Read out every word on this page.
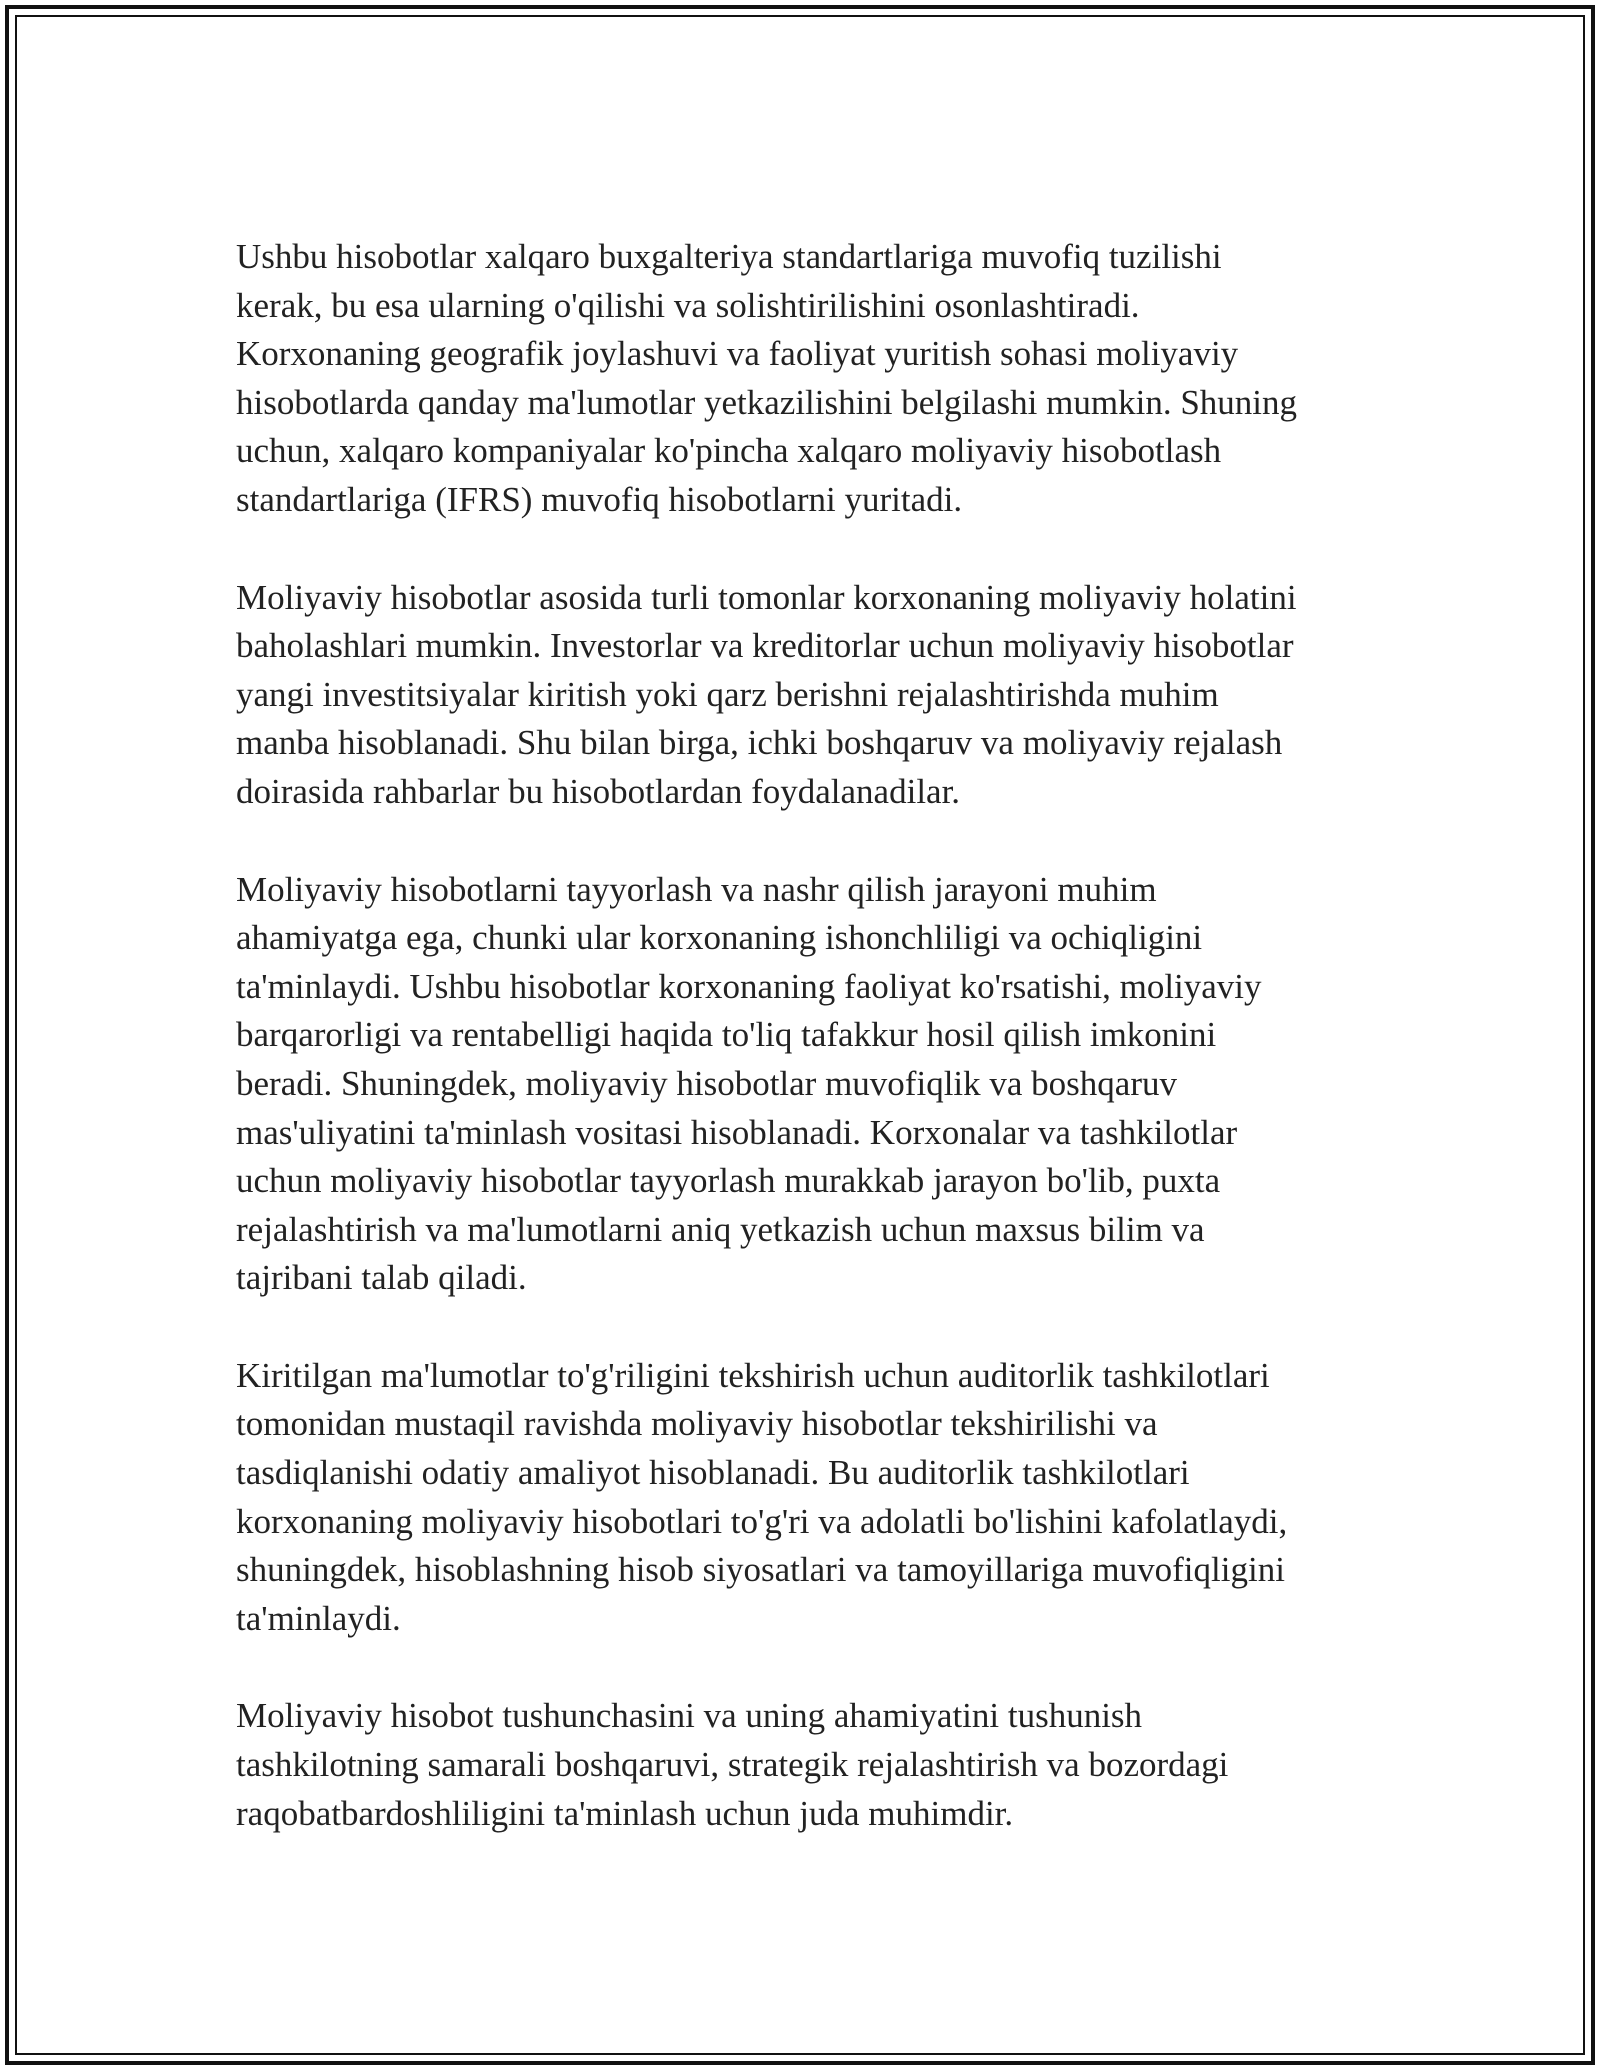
Ushbu hisobotlar xalqaro buxgalteriya standartlariga muvofiq tuzilishi
kerak, bu esa ularning o'qilishi va solishtirilishini osonlashtiradi.
Korxonaning geografik joylashuvi va faoliyat yuritish sohasi moliyaviy
hisobotlarda qanday ma'lumotlar yetkazilishini belgilashi mumkin. Shuning
uchun, xalqaro kompaniyalar ko'pincha xalqaro moliyaviy hisobotlash
standartlariga (IFRS) muvofiq hisobotlarni yuritadi.

Moliyaviy hisobotlar asosida turli tomonlar korxonaning moliyaviy holatini
baholashlari mumkin. Investorlar va kreditorlar uchun moliyaviy hisobotlar
yangi investitsiyalar kiritish yoki qarz berishni rejalashtirishda muhim
manba hisoblanadi. Shu bilan birga, ichki boshqaruv va moliyaviy rejalash
doirasida rahbarlar bu hisobotlardan foydalanadilar.

Moliyaviy hisobotlarni tayyorlash va nashr qilish jarayoni muhim
ahamiyatga ega, chunki ular korxonaning ishonchliligi va ochiqligini
ta'minlaydi. Ushbu hisobotlar korxonaning faoliyat ko'rsatishi, moliyaviy
barqarorligi va rentabelligi haqida to'liq tafakkur hosil qilish imkonini
beradi. Shuningdek, moliyaviy hisobotlar muvofiqlik va boshqaruv
mas'uliyatini ta'minlash vositasi hisoblanadi. Korxonalar va tashkilotlar
uchun moliyaviy hisobotlar tayyorlash murakkab jarayon bo'lib, puxta
rejalashtirish va ma'lumotlarni aniq yetkazish uchun maxsus bilim va
tajribani talab qiladi.

Kiritilgan ma'lumotlar to'g'riligini tekshirish uchun auditorlik tashkilotlari
tomonidan mustaqil ravishda moliyaviy hisobotlar tekshirilishi va
tasdiqlanishi odatiy amaliyot hisoblanadi. Bu auditorlik tashkilotlari
korxonaning moliyaviy hisobotlari to'g'ri va adolatli bo'lishini kafolatlaydi,
shuningdek, hisoblashning hisob siyosatlari va tamoyillariga muvofiqligini
ta'minlaydi.

Moliyaviy hisobot tushunchasini va uning ahamiyatini tushunish
tashkilotning samarali boshqaruvi, strategik rejalashtirish va bozordagi
raqobatbardoshliligini ta'minlash uchun juda muhimdir.
